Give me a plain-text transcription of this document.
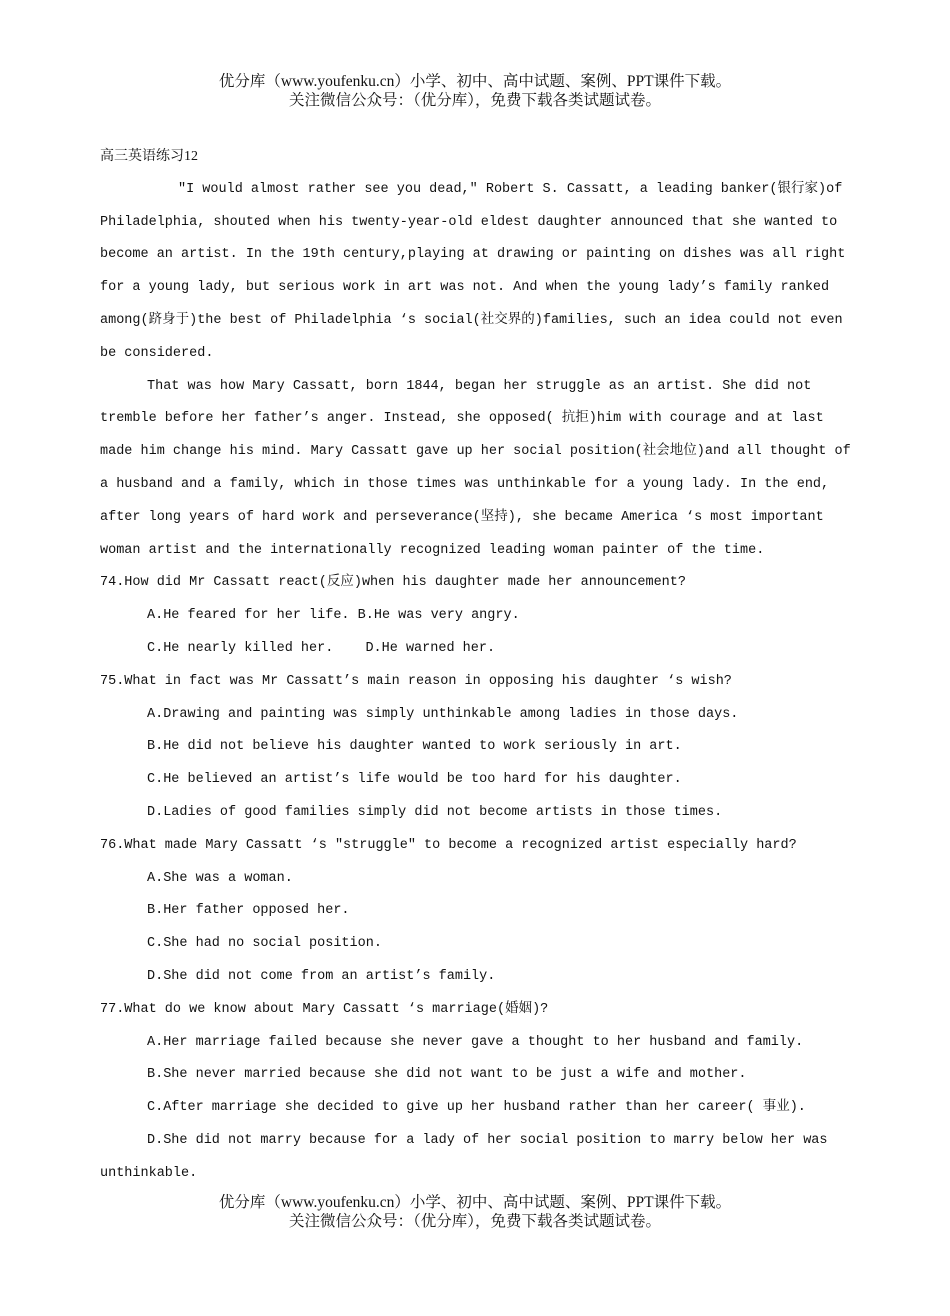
优分库（www.youfenku.cn）小学、初中、高中试题、案例、PPT课件下载。
关注微信公众号：（优分库），免费下载各类试题试卷。

高三英语练习12

"I would almost rather see you dead," Robert S. Cassatt, a leading banker(银行家)of Philadelphia, shouted when his twenty-year-old eldest daughter announced that she wanted to become an artist. In the 19th century,playing at drawing or painting on dishes was all right for a young lady, but serious work in art was not. And when the young lady’s family ranked among(跻身于)the best of Philadelphia ‘s social(社交界的)families, such an idea could not even be considered.

That was how Mary Cassatt, born 1844, began her struggle as an artist. She did not tremble before her father’s anger. Instead, she opposed( 抗拒)him with courage and at last made him change his mind. Mary Cassatt gave up her social position(社会地位)and all thought of a husband and a family, which in those times was unthinkable for a young lady. In the end, after long years of hard work and perseverance(坚持), she became America ‘s most important woman artist and the internationally recognized leading woman painter of the time.

74.How did Mr Cassatt react(反应)when his daughter made her announcement?

A.He feared for her life. B.He was very angry.

C.He nearly killed her. D.He warned her.

75.What in fact was Mr Cassatt’s main reason in opposing his daughter ‘s wish?

A.Drawing and painting was simply unthinkable among ladies in those days.

B.He did not believe his daughter wanted to work seriously in art.

C.He believed an artist’s life would be too hard for his daughter.

D.Ladies of good families simply did not become artists in those times.

76.What made Mary Cassatt ‘s "struggle" to become a recognized artist especially hard?

A.She was a woman.

B.Her father opposed her.

C.She had no social position.

D.She did not come from an artist’s family.

77.What do we know about Mary Cassatt ‘s marriage(婚姻)?

A.Her marriage failed because she never gave a thought to her husband and family.

B.She never married because she did not want to be just a wife and mother.

C.After marriage she decided to give up her husband rather than her career( 事业).

D.She did not marry because for a lady of her social position to marry below her was unthinkable.

优分库（www.youfenku.cn）小学、初中、高中试题、案例、PPT课件下载。
关注微信公众号：（优分库），免费下载各类试题试卷。
